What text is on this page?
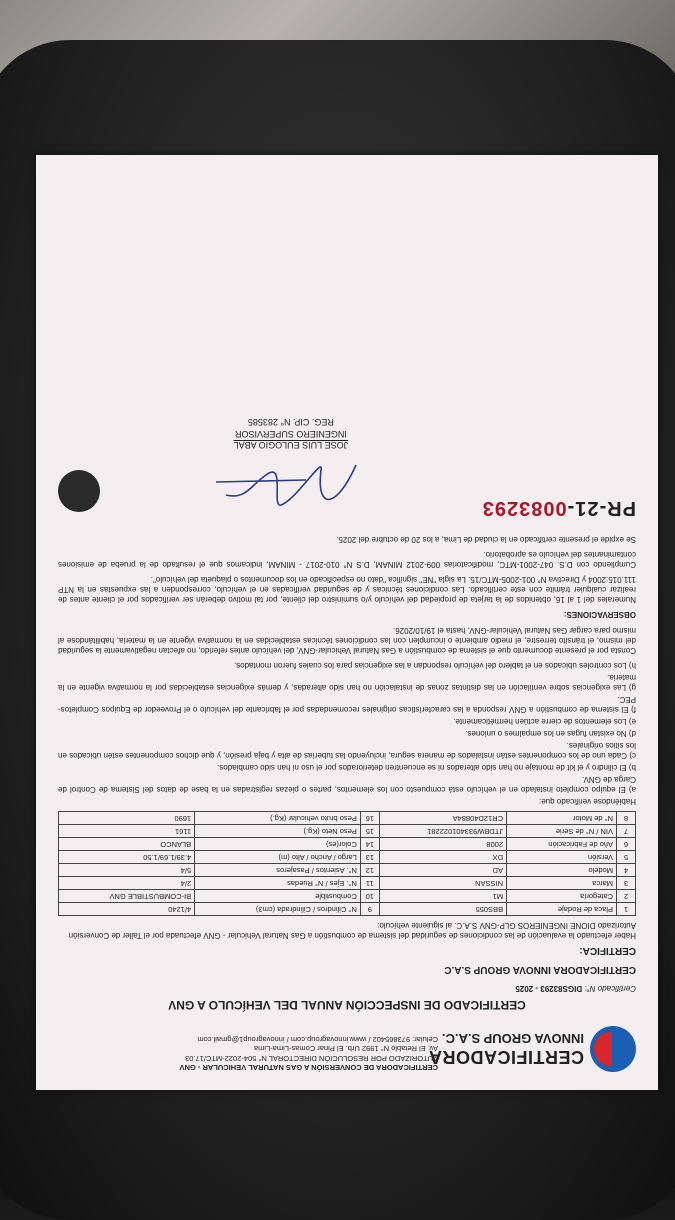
CERTIFICADORA
INNOVA GROUP S.A.C.
CERTIFICADORA DE CONVERSIÓN A GAS NATURAL VEHICULAR - GNV
AUTORIZADO POR RESOLUCIÓN DIRECTORAL N° 504-2022-MTC/17.03
Av. El Retablo N° 1992 Urb. El Pinar Comas-Lima-Lima
Celular: 973865402 / www.innovagroup.com / innovagroup1@gmail.com
CERTIFICADO DE INSPECCIÓN ANUAL DEL VEHÍCULO A GNV
Certificado N°: DIGS83293 - 2025
CERTIFICADORA INNOVA GROUP S.A.C
CERTIFICA:
Haber efectuado la evaluación de las condiciones de seguridad del sistema de combustión a Gas Natural Vehicular - GNV efectuada por el Taller de Conversión Autorizado DIONE INGENIEROS GLP-GNV S.A.C. al siguiente vehículo:
1	Placa de Rodaje	BBS055	9	N° Cilindros / Cilindrada (cm3)	4/1240
2	Categoría	M1	10	Combustible	BI-COMBUSTIBLE GNV
3	Marca	NISSAN	11	N°. Ejes / N° Ruedas	2/4
4	Modelo	AD	12	N°. Asientos / Pasajeros	5/4
5	Versión	DX	13	Largo / Ancho / Alto (m)	4.39/1.69/1.50
6	Año de Fabricación	2008	14	Color(es)	BLANCO
7	VIN / N° de Serie	JTDBW933401022281	15	Peso Neto (Kg.)	1161
8	N° de Motor	CR12D40884A	16	Peso bruto vehicular (Kg.)	1690
Habiéndose verificado que:
a) El equipo completo instalado en el vehículo está compuesto con los elementos, partes o piezas registradas en la base de datos del Sistema de Control de Carga de GNV.
b) El cilindro y el kit de montaje no han sido alterados ni se encuentren deteriorados por el uso ni han sido cambiados.
c) Cada uno de los componentes están instalados de manera segura, incluyendo las tuberías de alta y baja presión, y que dichos componentes estén ubicados en los sitios originales.
d) No existan fugas en los empalmes o uniones.
e) Los elementos de cierre actúen herméticamente.
f) El sistema de combustión a GNV responda a las características originales recomendadas por el fabricante del vehículo o el Proveedor de Equipos Completos-PEC.
g) Las exigencias sobre ventilación en las distintas zonas de instalación no han sido alteradas, y demás exigencias establecidas por la normativa vigente en la materia.
h) Los controles ubicados en el tablero del vehículo respondan a las exigencias para los cuales fueron montados.
Consta por el presente documento que el sistema de combustión a Gas Natural Vehicular-GNV, del vehículo antes referido, no afectan negativamente la seguridad del mismo, el tránsito terrestre, el medio ambiente o incumplen con las condiciones técnicas establecidas en la normativa vigente en la materia, habilitándose al mismo para cargar Gas Natural Vehicular-GNV, hasta el 19/10/2026.
OBSERVACIONES:
Numerales del 1 al 16, obtenidos de la tarjeta de propiedad del vehículo y/o suministro del cliente, por tal motivo deberán ser verificados por el cliente antes de realizar cualquier trámite con este certificado. Las condiciones técnicas y de seguridad verificadas en el vehículo, corresponden a las expuestas en la NTP 111.015:2004 y Directiva N° 001-2005-MTC/15. La sigla "NE" significa "dato no especificado en los documentos o plaqueta del vehículo".
Cumpliendo con D.S. 047-2001-MTC, modificatorias 009-2012 MINAM, D.S N° 010-2017 - MINAM, indicamos que el resultado de la prueba de emisiones contaminantes del vehículo es aprobatorio.
Se expide el presente certificado en la ciudad de Lima, a los 20 de octubre del 2025.
PR-21-0083293
JOSE LUIS EULOGIO ABAL
INGENIERO SUPERVISOR
REG. CIP. N° 283585
